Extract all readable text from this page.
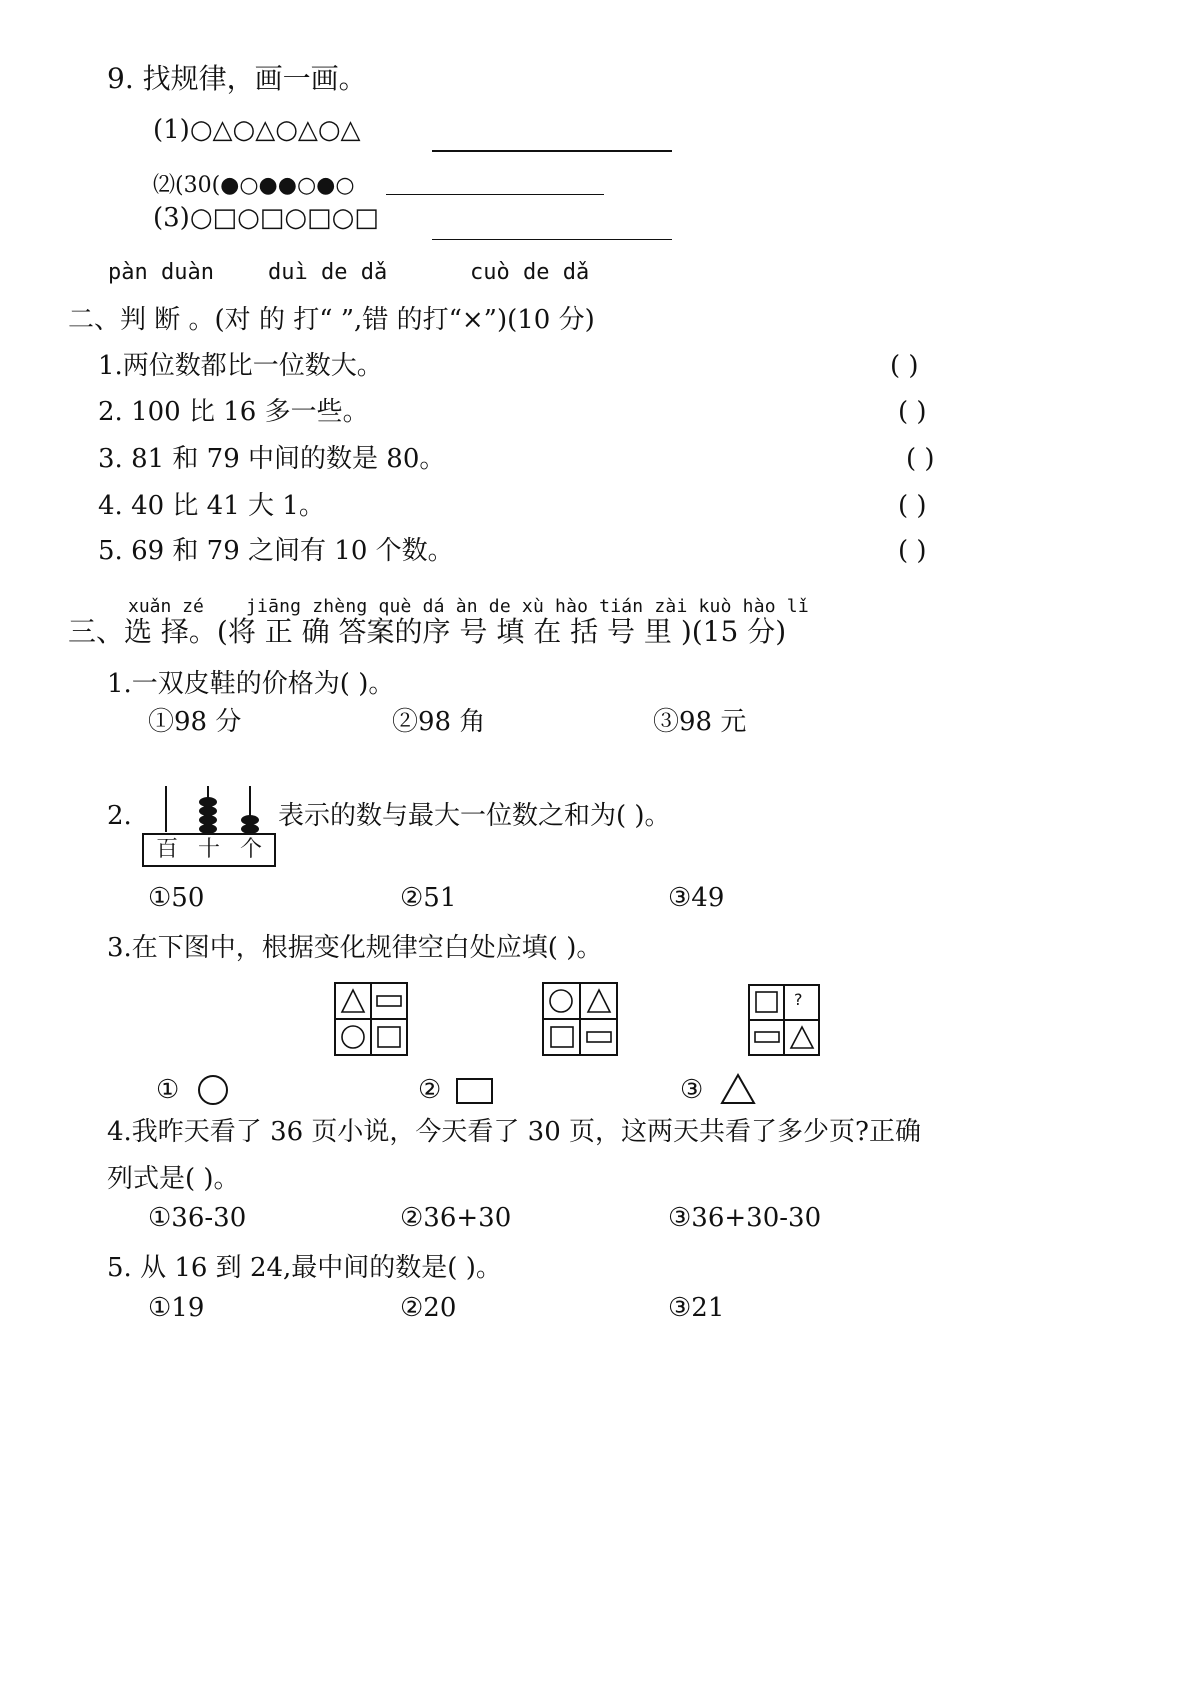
9. 找规律，画一画。
(1)○△○△○△○△
⑵(30(●○●●○●○
(3)○□○□○□○□
pàn duàn duì de dǎ	cuò de dǎ
二、判 断 。(对 的 打“ ”,错 的打“×”)(10 分)
1.两位数都比一位数大。	( )
2. 100 比 16 多一些。	( )
3. 81 和 79 中间的数是 80。	( )
4. 40 比 41 大 1。	( )
5. 69 和 79 之间有 10 个数。	( )
xuǎn zé jiāng zhèng què dá àn de xù hào tián zài kuò hào lǐ
三、选 择。(将 正 确 答案的序 号 填 在 括 号 里 )(15 分)
1.一双皮鞋的价格为( )。
①98 分	②98 角	③98 元
2.
百 十 个
表示的数与最大一位数之和为( )。
①50	②51	③49
3.在下图中，根据变化规律空白处应填( )。
?
①	②	③
4.我昨天看了 36 页小说，今天看了 30 页，这两天共看了多少页?正确
列式是( )。
①36-30	②36+30	③36+30-30
5. 从 16 到 24,最中间的数是( )。
①19	②20	③21
